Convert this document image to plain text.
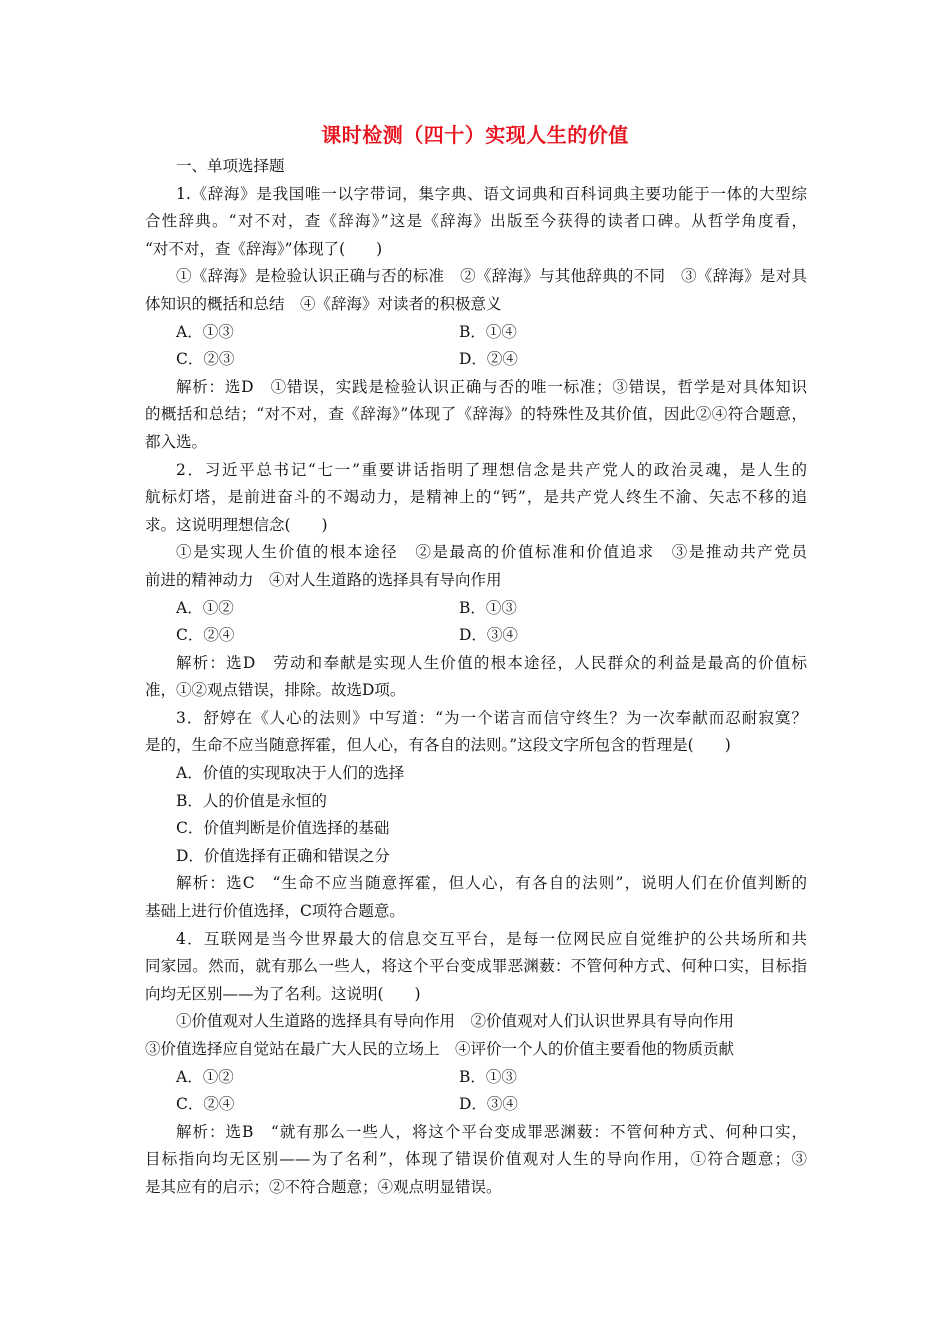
课时检测（四十）实现人生的价值
一、单项选择题
1.《辞海》是我国唯一以字带词，集字典、语文词典和百科词典主要功能于一体的大型综
合性辞典。“对不对，查《辞海》”这是《辞海》出版至今获得的读者口碑。从哲学角度看，
“对不对，查《辞海》”体现了(　　)
①《辞海》是检验认识正确与否的标准　②《辞海》与其他辞典的不同　③《辞海》是对具
体知识的概括和总结　④《辞海》对读者的积极意义
A．①③	B．①④
C．②③	D．②④
解析：选D　①错误，实践是检验认识正确与否的唯一标准；③错误，哲学是对具体知识
的概括和总结；“对不对，查《辞海》”体现了《辞海》的特殊性及其价值，因此②④符合题意，
都入选。
2．习近平总书记“七一”重要讲话指明了理想信念是共产党人的政治灵魂，是人生的
航标灯塔，是前进奋斗的不竭动力，是精神上的“钙”，是共产党人终生不渝、矢志不移的追
求。这说明理想信念(　　)
①是实现人生价值的根本途径　②是最高的价值标准和价值追求　③是推动共产党员
前进的精神动力　④对人生道路的选择具有导向作用
A．①②	B．①③
C．②④	D．③④
解析：选D　劳动和奉献是实现人生价值的根本途径，人民群众的利益是最高的价值标
准，①②观点错误，排除。故选D项。
3．舒婷在《人心的法则》中写道：“为一个诺言而信守终生？为一次奉献而忍耐寂寞？
是的，生命不应当随意挥霍，但人心，有各自的法则。”这段文字所包含的哲理是(　　)
A．价值的实现取决于人们的选择
B．人的价值是永恒的
C．价值判断是价值选择的基础
D．价值选择有正确和错误之分
解析：选C　“生命不应当随意挥霍，但人心，有各自的法则”，说明人们在价值判断的
基础上进行价值选择，C项符合题意。
4．互联网是当今世界最大的信息交互平台，是每一位网民应自觉维护的公共场所和共
同家园。然而，就有那么一些人，将这个平台变成罪恶渊薮：不管何种方式、何种口实，目标指
向均无区别——为了名利。这说明(　　)
①价值观对人生道路的选择具有导向作用　②价值观对人们认识世界具有导向作用
③价值选择应自觉站在最广大人民的立场上　④评价一个人的价值主要看他的物质贡献
A．①②	B．①③
C．②④	D．③④
解析：选B　“就有那么一些人，将这个平台变成罪恶渊薮：不管何种方式、何种口实，
目标指向均无区别——为了名利”，体现了错误价值观对人生的导向作用，①符合题意；③
是其应有的启示；②不符合题意；④观点明显错误。
